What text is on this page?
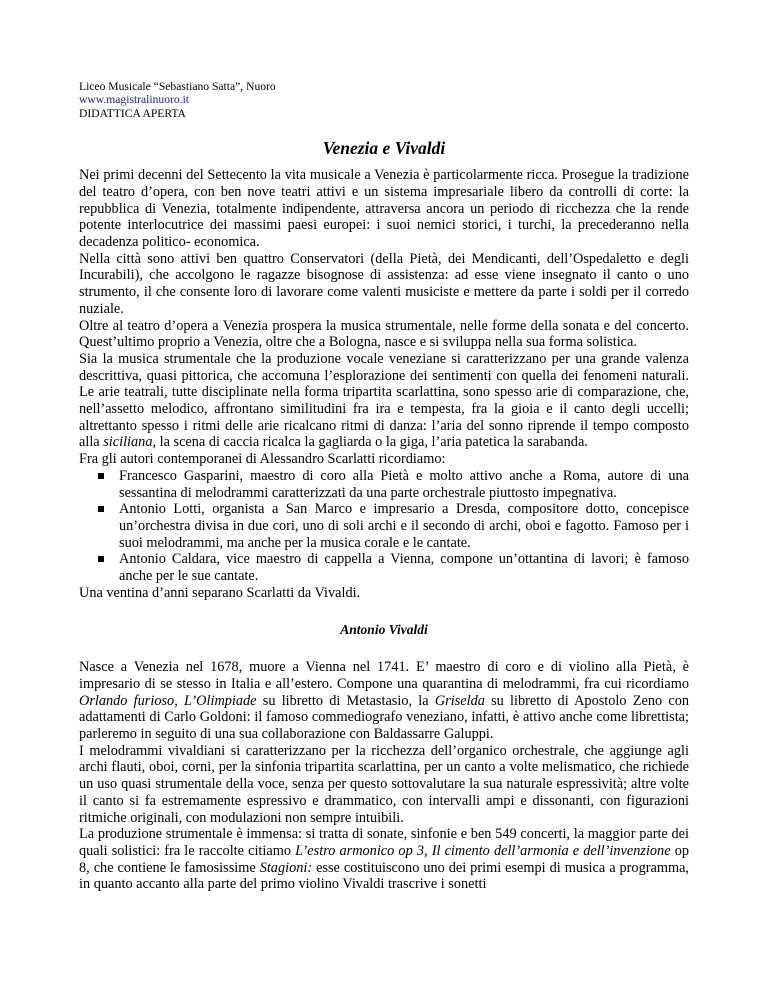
Liceo Musicale “Sebastiano Satta”, Nuoro
www.magistralinuoro.it
DIDATTICA APERTA
Venezia e Vivaldi

Nei primi decenni del Settecento la vita musicale a Venezia è particolarmente ricca. Prosegue la tradizione del teatro d’opera, con ben nove teatri attivi e un sistema impresariale libero da controlli di corte: la repubblica di Venezia, totalmente indipendente, attraversa ancora un periodo di ricchezza che la rende potente interlocutrice dei massimi paesi europei: i suoi nemici storici, i turchi, la precederanno nella decadenza politico- economica.

Nella città sono attivi ben quattro Conservatori (della Pietà, dei Mendicanti, dell’Ospedaletto e degli Incurabili), che accolgono le ragazze bisognose di assistenza: ad esse viene insegnato il canto o uno strumento, il che consente loro di lavorare come valenti musiciste e mettere da parte i soldi per il corredo nuziale.

Oltre al teatro d’opera a Venezia prospera la musica strumentale, nelle forme della sonata e del concerto. Quest’ultimo proprio a Venezia, oltre che a Bologna, nasce e si sviluppa nella sua forma solistica.

Sia la musica strumentale che la produzione vocale veneziane si caratterizzano per una grande valenza descrittiva, quasi pittorica, che accomuna l’esplorazione dei sentimenti con quella dei fenomeni naturali. Le arie teatrali, tutte disciplinate nella forma tripartita scarlattina, sono spesso arie di comparazione, che, nell’assetto melodico, affrontano similitudini fra ira e tempesta, fra la gioia e il canto degli uccelli; altrettanto spesso i ritmi delle arie ricalcano ritmi di danza: l’aria del sonno riprende il tempo composto alla siciliana, la scena di caccia ricalca la gagliarda o la giga, l’aria patetica la sarabanda.

Fra gli autori contemporanei di Alessandro Scarlatti ricordiamo:

Francesco Gasparini, maestro di coro alla Pietà e molto attivo anche a Roma, autore di una sessantina di melodrammi caratterizzati da una parte orchestrale piuttosto impegnativa.
Antonio Lotti, organista a San Marco e impresario a Dresda, compositore dotto, concepisce un’orchestra divisa in due cori, uno di soli archi e il secondo di archi, oboi e fagotto. Famoso per i suoi melodrammi, ma anche per la musica corale e le cantate.
Antonio Caldara, vice maestro di cappella a Vienna, compone un’ottantina di lavori; è famoso anche per le sue cantate.

Una ventina d’anni separano Scarlatti da Vivaldi.

Antonio Vivaldi

Nasce a Venezia nel 1678, muore a Vienna nel 1741. E’ maestro di coro e di violino alla Pietà, è impresario di se stesso in Italia e all’estero. Compone una quarantina di melodrammi, fra cui ricordiamo Orlando furioso, L’Olimpiade su libretto di Metastasio, la Griselda su libretto di Apostolo Zeno con adattamenti di Carlo Goldoni: il famoso commediografo veneziano, infatti, è attivo anche come librettista; parleremo in seguito di una sua collaborazione con Baldassarre Galuppi.

I melodrammi vivaldiani si caratterizzano per la ricchezza dell’organico orchestrale, che aggiunge agli archi flauti, oboi, corni, per la sinfonia tripartita scarlattina, per un canto a volte melismatico, che richiede un uso quasi strumentale della voce, senza per questo sottovalutare la sua naturale espressività; altre volte il canto si fa estremamente espressivo e drammatico, con intervalli ampi e dissonanti, con figurazioni ritmiche originali, con modulazioni non sempre intuibili.

La produzione strumentale è immensa: si tratta di sonate, sinfonie e ben 549 concerti, la maggior parte dei quali solistici: fra le raccolte citiamo L’estro armonico op 3, Il cimento dell’armonia e dell’invenzione op 8, che contiene le famosissime Stagioni: esse costituiscono uno dei primi esempi di musica a programma, in quanto accanto alla parte del primo violino Vivaldi trascrive i sonetti
